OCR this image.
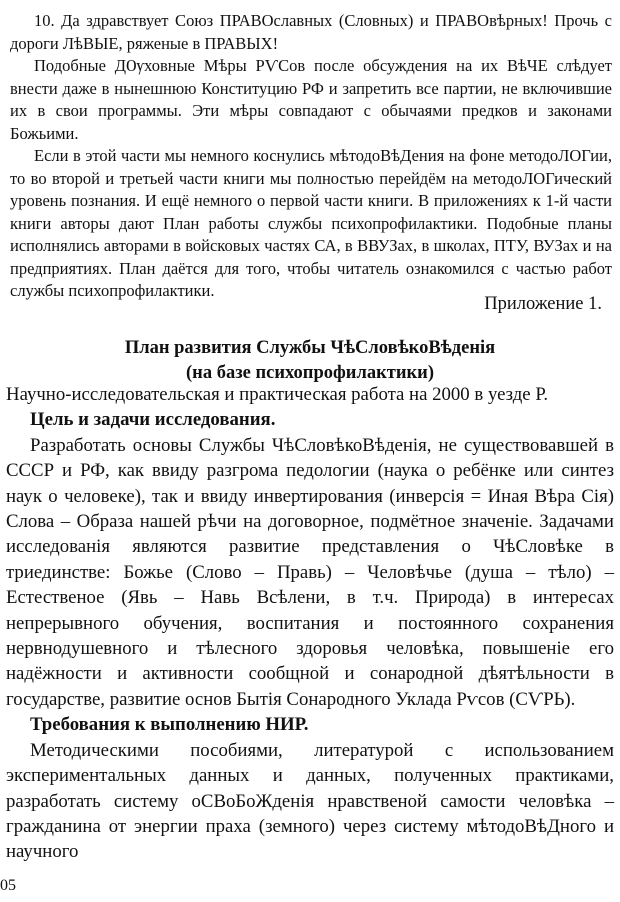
10. Да здравствует Союз ПРАВОславных (Словных) и ПРАВОвѣрных! Прочь с дороги ЛѣВЫЕ, ряженые в ПРАВЫХ!

Подобные ДѸховные Мѣры РѴСов после обсуждения на их ВѣЧЕ слѣдует внести даже в нынешнюю Конституцию РФ и запретить все партии, не включившие их в свои программы. Эти мѣры совпадают с обычаями предков и законами Божьими.

Если в этой части мы немного коснулись мѣтодоВѣДения на фоне методоЛОГии, то во второй и третьей части книги мы полностью перейдём на методоЛОГический уровень познания. И ещё немного о первой части книги. В приложениях к 1-й части книги авторы дают План работы службы психопрофилактики. Подобные планы исполнялись авторами в войсковых частях СА, в ВВУЗах, в школах, ПТУ, ВУЗах и на предприятиях. План даётся для того, чтобы читатель ознакомился с частью работ службы психопрофилактики.

Приложение 1.
План развития Службы ЧѣСловѣкоВѣденія
(на базе психопрофилактики)

Научно-исследовательская и практическая работа на 2000 в уезде Р.

Цель и задачи исследования.

Разработать основы Службы ЧѣСловѣкоВѣденія, не существовавшей в СССР и РФ, как ввиду разгрома педологии (наука о ребёнке или синтез наук о человеке), так и ввиду инвертирования (инверсія = Иная Вѣра Сія) Слова – Образа нашей рѣчи на договорное, подмётное значеніе. Задачами исследованія являются развитие представления о ЧѣСловѣке в триединстве: Божье (Слово – Правь) – Человѣчье (душа – тѣло) – Естественое (Явь – Навь Всѣлени, в т.ч. Природа) в интересах непрерывного обучения, воспитания и постоянного сохранения нервнодушевного и тѣлесного здоровья человѣка, повышеніе его надёжности и активности сообщной и сонародной дѣятѣльности в государстве, развитие основ Бытія Сонародного Уклада Рѵсов (СѴРЬ).

Требования к выполнению НИР.

Методическими пособиями, литературой с использованием экспериментальных данных и данных, полученных практиками, разработать систему оСВоБоЖденія нравственой самости человѣка – гражданина от энергии праха (земного) через систему мѣтодоВѣДного и научного

05
